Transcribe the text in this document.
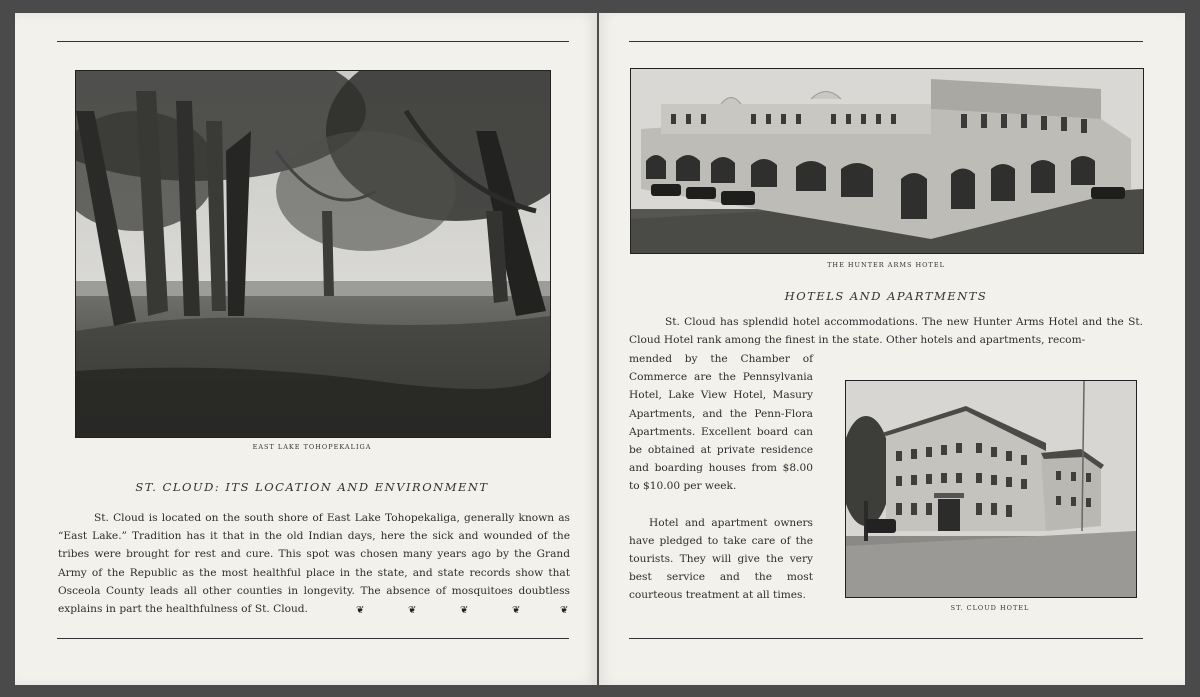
EAST LAKE TOHOPEKALIGA
ST. CLOUD: ITS LOCATION AND ENVIRONMENT

St. Cloud is located on the south shore of East Lake Tohopekaliga, generally known as “East Lake.” Tradition has it that in the old Indian days, here the sick and wounded of the tribes were brought for rest and cure. This spot was chosen many years ago by the Grand Army of the Republic as the most healthful place in the state, and state records show that Osceola County leads all other counties in longevity. The absence of mosquitoes doubtless explains in part the healthfulness of St. Cloud.	❦	❦	❦	❦	❦
THE HUNTER ARMS HOTEL
HOTELS AND APARTMENTS

St. Cloud has splendid hotel accommodations. The new Hunter Arms Hotel and the St. Cloud Hotel rank among the finest in the state. Other hotels and apartments, recom-

mended by the Chamber of Commerce are the Pennsylvania Hotel, Lake View Hotel, Masury Apartments, and the Penn-Flora Apartments. Excellent board can be obtained at private residence and boarding houses from $8.00 to $10.00 per week.

Hotel and apartment owners have pledged to take care of the tourists. They will give the very best service and the most courteous treatment at all times.

ST. CLOUD HOTEL
